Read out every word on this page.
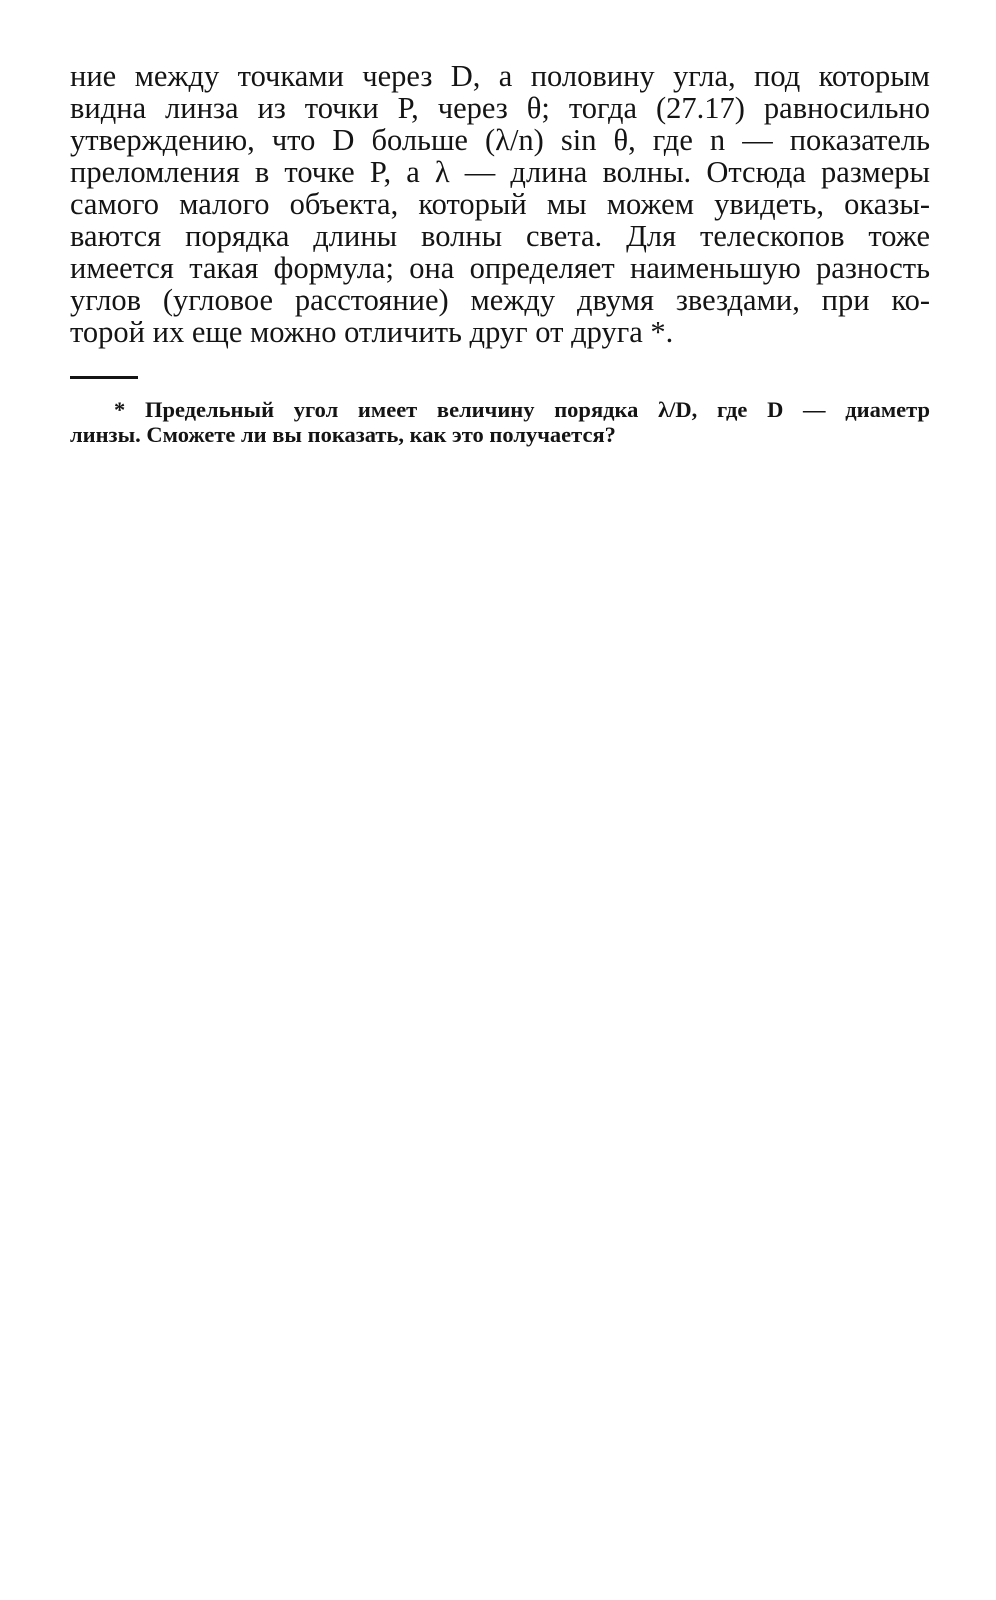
ние между точками через D, а половину угла, под которым
видна линза из точки P, через θ; тогда (27.17) равносильно
утверждению, что D больше (λ/n) sin θ, где n — показатель
преломления в точке P, а λ — длина волны. Отсюда размеры
самого малого объекта, который мы можем увидеть, оказы-
ваются порядка длины волны света. Для телескопов тоже
имеется такая формула; она определяет наименьшую разность
углов (угловое расстояние) между двумя звездами, при ко-
торой их еще можно отличить друг от друга *.
* Предельный угол имеет величину порядка λ/D, где D — диаметр
линзы. Сможете ли вы показать, как это получается?
